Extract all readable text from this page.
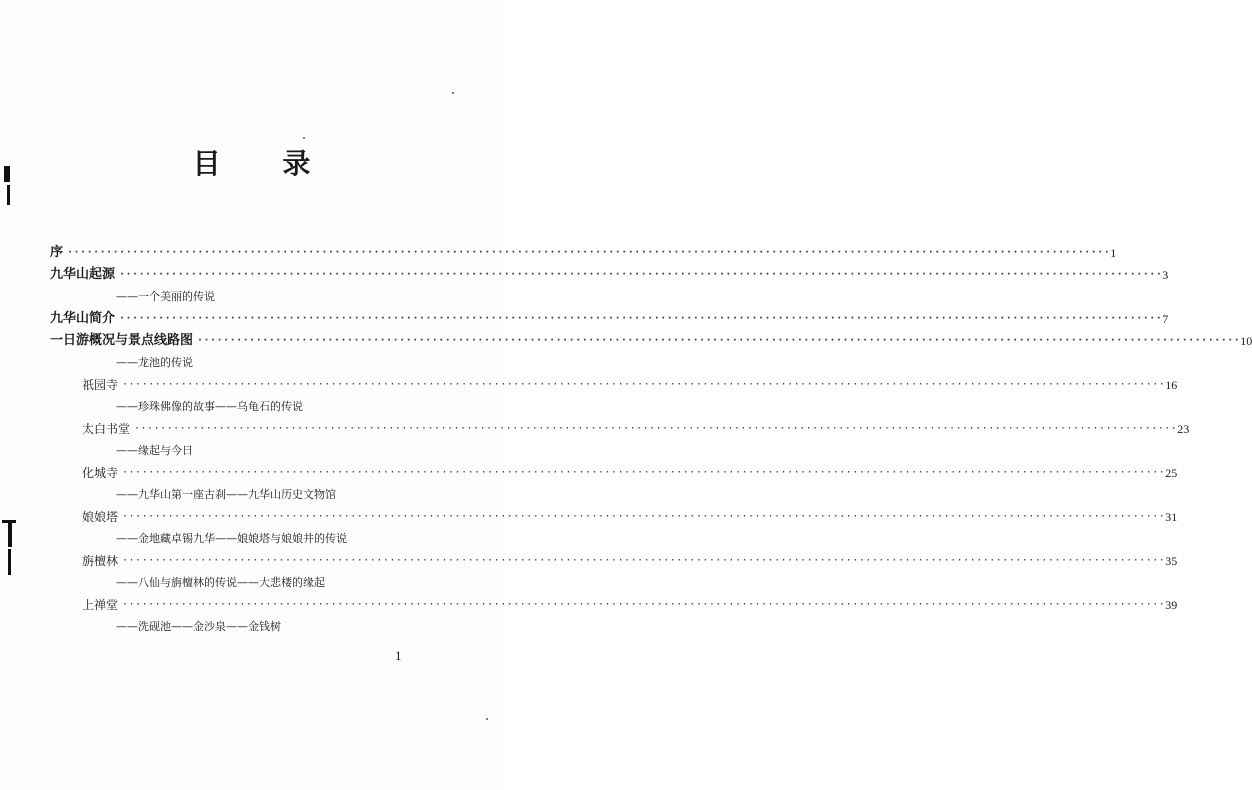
目 录
序 ································································································································································ 1
九华山起源 ································································································································································ 3
——一个美丽的传说
九华山简介 ································································································································································ 7
一日游概况与景点线路图 ································································································································································ 10
——龙池的传说
祇园寺 ································································································································································ 16
——珍珠佛像的故事——乌龟石的传说
太白书堂 ································································································································································ 23
——缘起与今日
化城寺 ································································································································································ 25
——九华山第一座古刹——九华山历史文物馆
娘娘塔 ································································································································································ 31
——金地藏卓锡九华——娘娘塔与娘娘井的传说
旃檀林 ································································································································································ 35
——八仙与旃檀林的传说——大悲楼的缘起
上禅堂 ································································································································································ 39
——洗砚池——金沙泉——金钱树
1
